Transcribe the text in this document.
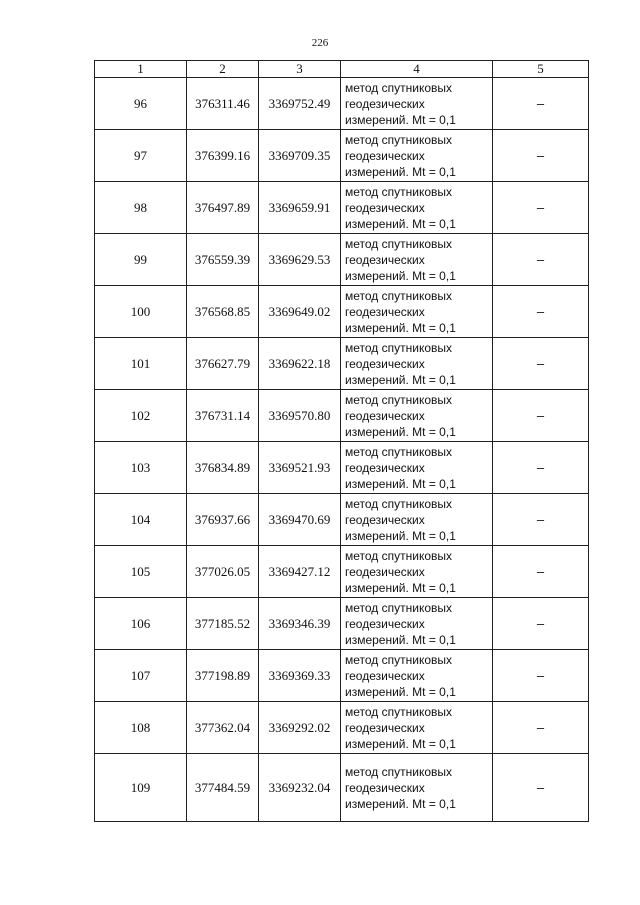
226
1	2	3	4	5
96	376311.46	3369752.49	метод спутниковых
геодезических
измерений. Mt = 0,1	–
97	376399.16	3369709.35	метод спутниковых
геодезических
измерений. Mt = 0,1	–
98	376497.89	3369659.91	метод спутниковых
геодезических
измерений. Mt = 0,1	–
99	376559.39	3369629.53	метод спутниковых
геодезических
измерений. Mt = 0,1	–
100	376568.85	3369649.02	метод спутниковых
геодезических
измерений. Mt = 0,1	–
101	376627.79	3369622.18	метод спутниковых
геодезических
измерений. Mt = 0,1	–
102	376731.14	3369570.80	метод спутниковых
геодезических
измерений. Mt = 0,1	–
103	376834.89	3369521.93	метод спутниковых
геодезических
измерений. Mt = 0,1	–
104	376937.66	3369470.69	метод спутниковых
геодезических
измерений. Mt = 0,1	–
105	377026.05	3369427.12	метод спутниковых
геодезических
измерений. Mt = 0,1	–
106	377185.52	3369346.39	метод спутниковых
геодезических
измерений. Mt = 0,1	–
107	377198.89	3369369.33	метод спутниковых
геодезических
измерений. Mt = 0,1	–
108	377362.04	3369292.02	метод спутниковых
геодезических
измерений. Mt = 0,1	–
109	377484.59	3369232.04	метод спутниковых
геодезических
измерений. Mt = 0,1	–
